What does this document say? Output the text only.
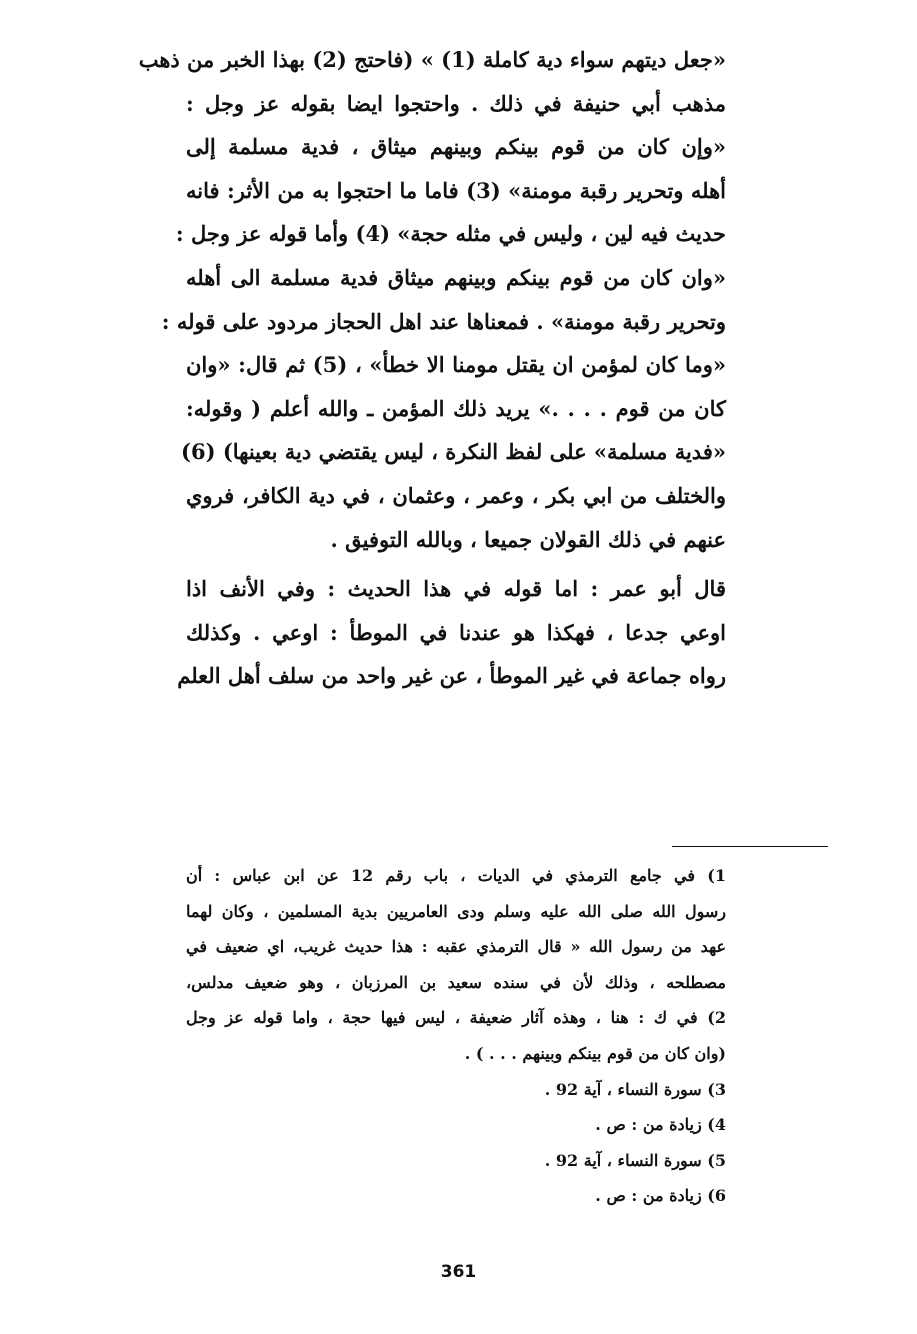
«جعل ديتهم سواء دية كاملة (1) » (فاحتج (2) بهذا الخبر من ذهب
مذهب أبي حنيفة في ذلك . واحتجوا ايضا بقوله عز وجل :
«وإن كان من قوم بينكم وبينهم ميثاق ، فدية مسلمة إلى
أهله وتحرير رقبة مومنة» (3) فاما ما احتجوا به من الأثر: فانه
حديث فيه لين ، وليس في مثله حجة» (4) وأما قوله عز وجل :
«وان كان من قوم بينكم وبينهم ميثاق فدية مسلمة الى أهله
وتحرير رقبة مومنة» . فمعناها عند اهل الحجاز مردود على قوله :
«وما كان لمؤمن ان يقتل مومنا الا خطأ» ، (5) ثم قال: «وان
كان من قوم . . . .» يريد ذلك المؤمن ـ والله أعلم ( وقوله:
«فدية مسلمة» على لفظ النكرة ، ليس يقتضي دية بعينها) (6)
والختلف من ابي بكر ، وعمر ، وعثمان ، في دية الكافر، فروي
عنهم في ذلك القولان جميعا ، وبالله التوفيق .
قال أبو عمر : اما قوله في هذا الحديث : وفي الأنف اذا
اوعي جدعا ، فهكذا هو عندنا في الموطأ : اوعي . وكذلك
رواه جماعة في غير الموطأ ، عن غير واحد من سلف أهل العلم
1) في جامع الترمذي في الديات ، باب رقم 12 عن ابن عباس : أن
رسول الله صلى الله عليه وسلم ودى العامريين بدية المسلمين ، وكان لهما
عهد من رسول الله « قال الترمذي عقبه : هذا حديث غريب، اي ضعيف في
مصطلحه ، وذلك لأن في سنده سعيد بن المرزبان ، وهو ضعيف مدلس،
2) في ك : هنا ، وهذه آثار ضعيفة ، ليس فيها حجة ، واما قوله عز وجل
(وان كان من قوم بينكم وبينهم . . . ) .
3) سورة النساء ، آية 92 .
4) زيادة من : ص .
5) سورة النساء ، آية 92 .
6) زيادة من : ص .
361
